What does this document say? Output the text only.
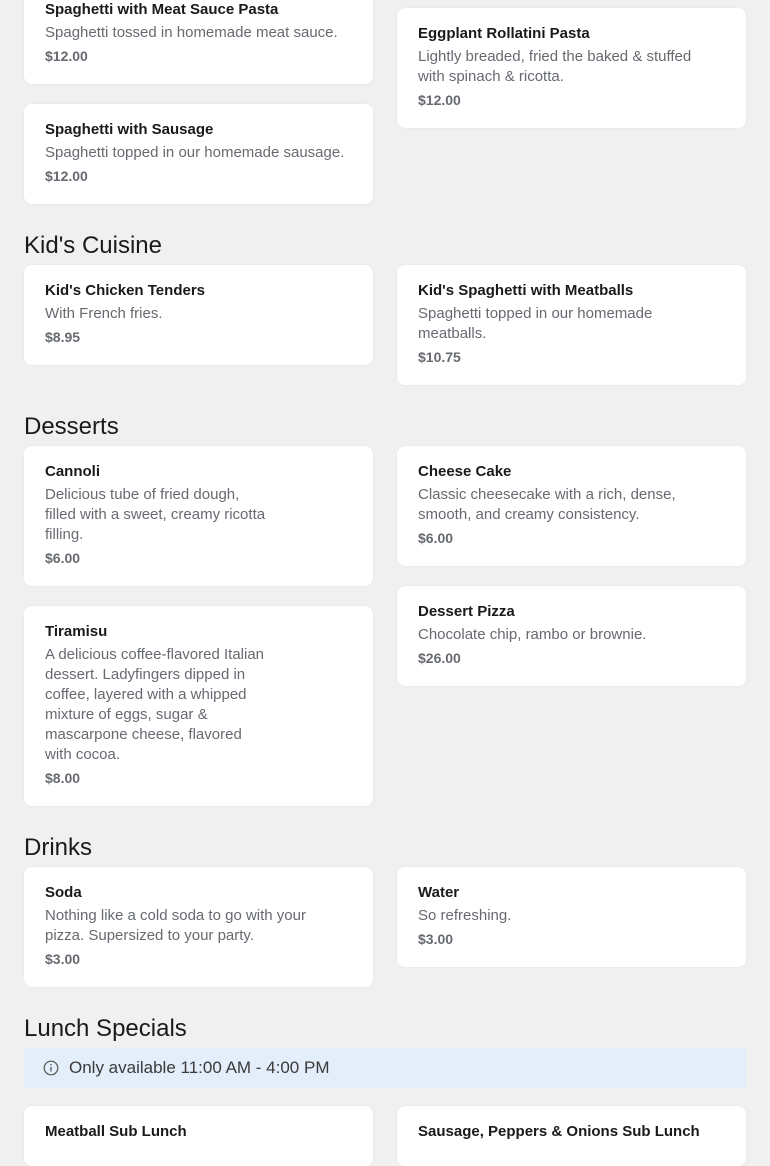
Spaghetti with Meat Sauce Pasta
Spaghetti tossed in homemade meat sauce.
$12.00
Eggplant Rollatini Pasta
Lightly breaded, fried the baked & stuffed with spinach & ricotta.
$12.00
Spaghetti with Sausage
Spaghetti topped in our homemade sausage.
$12.00
Kid's Cuisine
Kid's Chicken Tenders
With French fries.
$8.95
Kid's Spaghetti with Meatballs
Spaghetti topped in our homemade meatballs.
$10.75
Desserts
Cannoli
Delicious tube of fried dough, filled with a sweet, creamy ricotta filling.
$6.00
Cheese Cake
Classic cheesecake with a rich, dense, smooth, and creamy consistency.
$6.00
Tiramisu
A delicious coffee-flavored Italian dessert. Ladyfingers dipped in coffee, layered with a whipped mixture of eggs, sugar & mascarpone cheese, flavored with cocoa.
$8.00
Dessert Pizza
Chocolate chip, rambo or brownie.
$26.00
Drinks
Soda
Nothing like a cold soda to go with your pizza. Supersized to your party.
$3.00
Water
So refreshing.
$3.00
Lunch Specials
Only available 11:00 AM - 4:00 PM
Meatball Sub Lunch	Sausage, Peppers & Onions Sub Lunch
